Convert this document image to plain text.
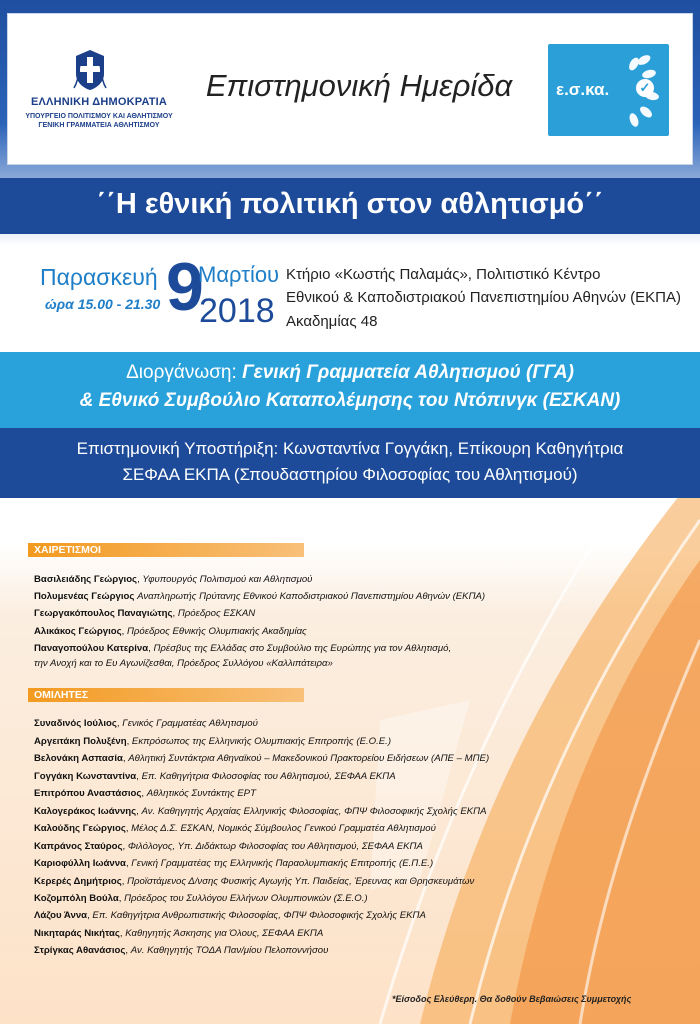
ΕΛΛΗΝΙΚΗ ΔΗΜΟΚΡΑΤΙΑ
ΥΠΟΥΡΓΕΙΟ ΠΟΛΙΤΙΣΜΟΥ ΚΑΙ ΑΘΛΗΤΙΣΜΟΥ
ΓΕΝΙΚΗ ΓΡΑΜΜΑΤΕΙΑ ΑΘΛΗΤΙΣΜΟΥ
Επιστημονική Ημερίδα	ε.σ.κα. ✓
΄΄Η εθνική πολιτική στον αθλητισμό΄΄
Παρασκευή
ώρα 15.00 - 21.30 9
Μαρτίου
2018
Κτήριο «Κωστής Παλαμάς», Πολιτιστικό Κέντρο
Εθνικού & Καποδιστριακού Πανεπιστημίου Αθηνών (ΕΚΠΑ)
Ακαδημίας 48
Διοργάνωση: Γενική Γραμματεία Αθλητισμού (ΓΓΑ)
& Εθνικό Συμβούλιο Καταπολέμησης του Ντόπινγκ (ΕΣΚΑΝ)
Επιστημονική Υποστήριξη: Κωνσταντίνα Γογγάκη, Επίκουρη Καθηγήτρια
ΣΕΦΑΑ ΕΚΠΑ (Σπουδαστηρίου Φιλοσοφίας του Αθλητισμού)
ΧΑΙΡΕΤΙΣΜΟΙ
Βασιλειάδης Γεώργιος, Υφυπουργός Πολιτισμού και Αθλητισμού
Πολυμενέας Γεώργιος Αναπληρωτής Πρύτανης Εθνικού Καποδιστριακού Πανεπιστημίου Αθηνών (ΕΚΠΑ)
Γεωργακόπουλος Παναγιώτης, Πρόεδρος ΕΣΚΑΝ
Αλικάκος Γεώργιος, Πρόεδρος Εθνικής Ολυμπιακής Ακαδημίας
Παναγοπούλου Κατερίνα, Πρέσβυς της Ελλάδας στο Συμβούλιο της Ευρώπης για τον Αθλητισμό,
την Ανοχή και το Ευ Αγωνίζεσθαι, Πρόεδρος Συλλόγου «Καλλιπάτειρα»
ΟΜΙΛΗΤΕΣ
Συναδινός Ιούλιος, Γενικός Γραμματέας Αθλητισμού
Αργειτάκη Πολυξένη, Εκπρόσωπος της Ελληνικής Ολυμπιακής Επιτροπής (Ε.Ο.Ε.)
Βελονάκη Ασπασία, Αθλητική Συντάκτρια Αθηναϊκού – Μακεδονικού Πρακτορείου Ειδήσεων (ΑΠΕ – ΜΠΕ)
Γογγάκη Κωνσταντίνα, Επ. Καθηγήτρια Φιλοσοφίας του Αθλητισμού, ΣΕΦΑΑ ΕΚΠΑ
Επιτρόπου Αναστάσιος, Αθλητικός Συντάκτης ΕΡΤ
Καλογεράκος Ιωάννης, Αν. Καθηγητής Αρχαίας Ελληνικής Φιλοσοφίας, ΦΠΨ Φιλοσοφικής Σχολής ΕΚΠΑ
Καλούδης Γεώργιος, Μέλος Δ.Σ. ΕΣΚΑΝ, Νομικός Σύμβουλος Γενικού Γραμματέα Αθλητισμού
Καπράνος Σταύρος, Φιλόλογος, Υπ. Διδάκτωρ Φιλοσοφίας του Αθλητισμού, ΣΕΦΑΑ ΕΚΠΑ
Καριοφύλλη Ιωάννα, Γενική Γραμματέας της Ελληνικής Παραολυμπιακής Επιτροπής (Ε.Π.Ε.)
Κερερές Δημήτριος, Προϊστάμενος Δ/νσης Φυσικής Αγωγής Υπ. Παιδείας, Έρευνας και Θρησκευμάτων
Κοζομπόλη Βούλα, Πρόεδρος του Συλλόγου Ελλήνων Ολυμπιονικών (Σ.Ε.Ο.)
Λάζου Άννα, Επ. Καθηγήτρια Ανθρωπιστικής Φιλοσοφίας, ΦΠΨ Φιλοσοφικής Σχολής ΕΚΠΑ
Νικηταράς Νικήτας, Καθηγητής Άσκησης για Όλους, ΣΕΦΑΑ ΕΚΠΑ
Στρίγκας Αθανάσιος, Αν. Καθηγητής ΤΟΔΑ Παν/μίου Πελοποννήσου
*Είσοδος Ελεύθερη. Θα δοθούν Βεβαιώσεις Συμμετοχής
